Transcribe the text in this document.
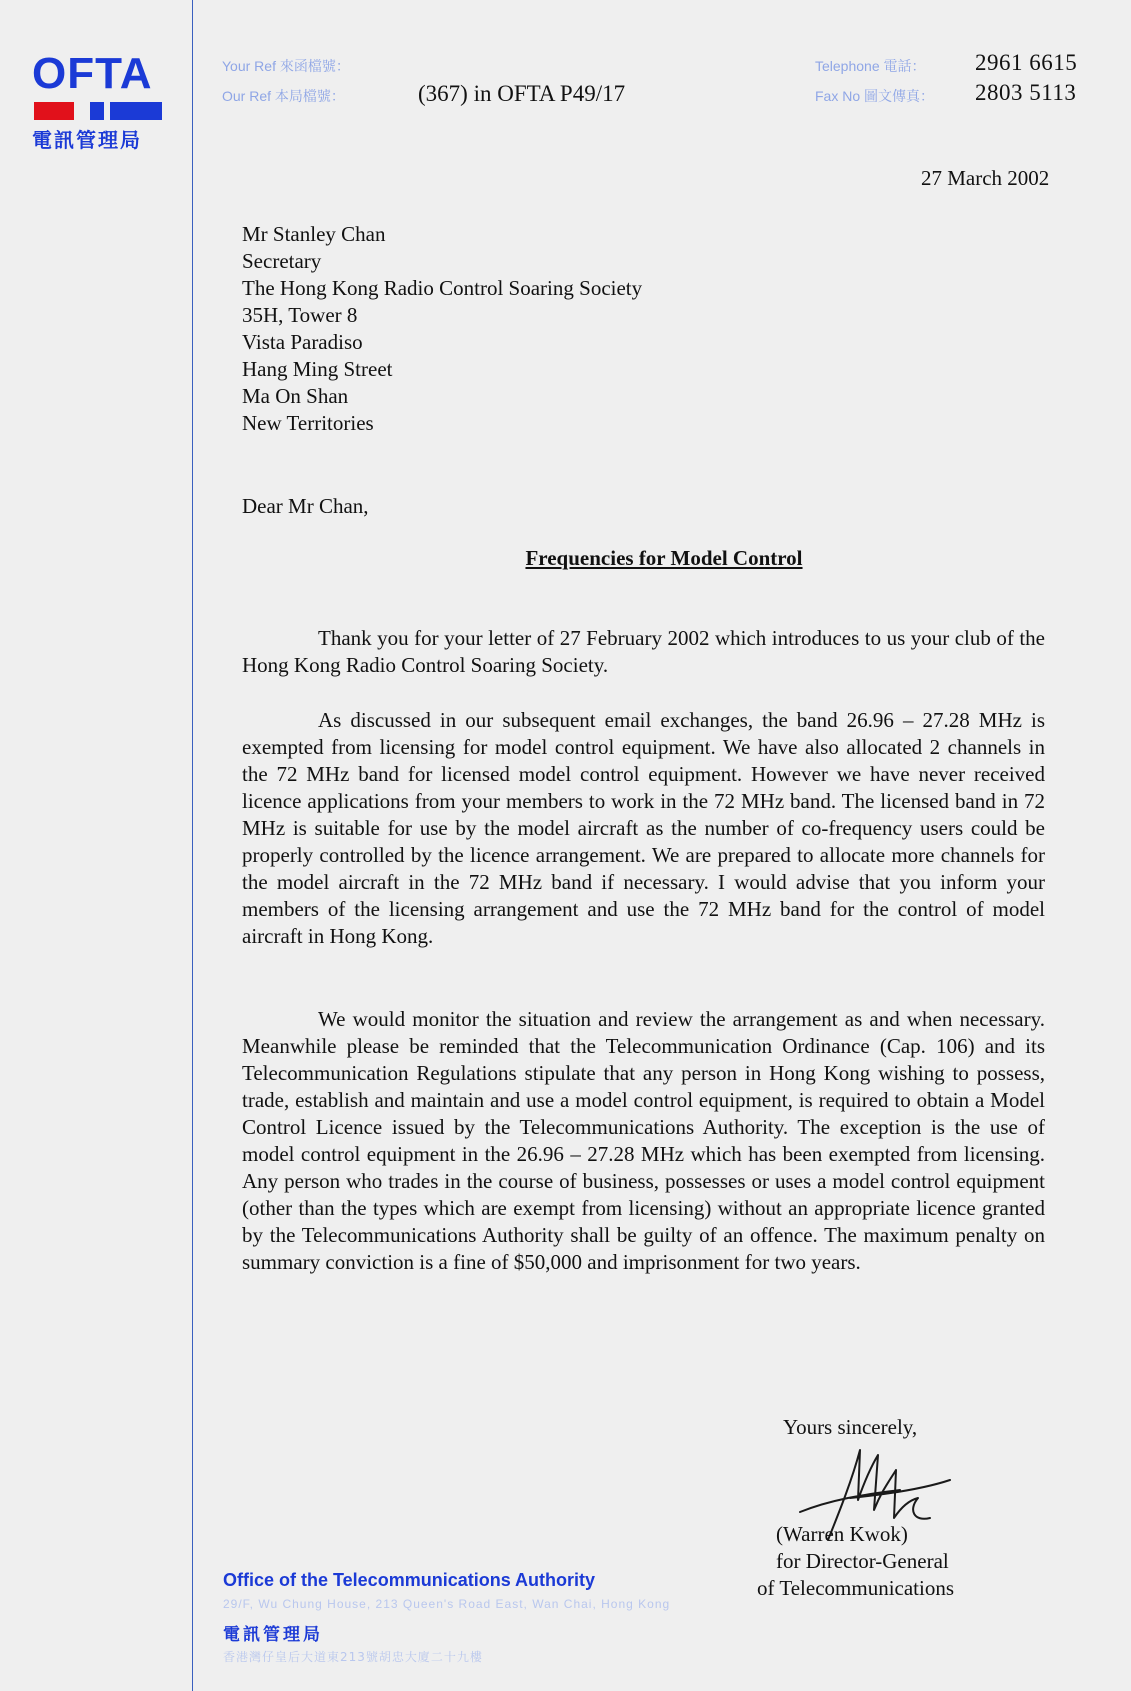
OFTA
電訊管理局
Your Ref 來函檔號：
Our Ref 本局檔號：	(367) in OFTA P49/17
Telephone 電話： 2961 6615
Fax No 圖文傳真： 2803 5113
27 March 2002
Mr Stanley Chan
Secretary
The Hong Kong Radio Control Soaring Society
35H, Tower 8
Vista Paradiso
Hang Ming Street
Ma On Shan
New Territories
Dear Mr Chan,
Frequencies for Model Control
Thank you for your letter of 27 February 2002 which introduces to us your club of the Hong Kong Radio Control Soaring Society.
As discussed in our subsequent email exchanges, the band 26.96 – 27.28 MHz is exempted from licensing for model control equipment. We have also allocated 2 channels in the 72 MHz band for licensed model control equipment. However we have never received licence applications from your members to work in the 72 MHz band. The licensed band in 72 MHz is suitable for use by the model aircraft as the number of co-frequency users could be properly controlled by the licence arrangement. We are prepared to allocate more channels for the model aircraft in the 72 MHz band if necessary. I would advise that you inform your members of the licensing arrangement and use the 72 MHz band for the control of model aircraft in Hong Kong.
We would monitor the situation and review the arrangement as and when necessary. Meanwhile please be reminded that the Telecommunication Ordinance (Cap. 106) and its Telecommunication Regulations stipulate that any person in Hong Kong wishing to possess, trade, establish and maintain and use a model control equipment, is required to obtain a Model Control Licence issued by the Telecommunications Authority. The exception is the use of model control equipment in the 26.96 – 27.28 MHz which has been exempted from licensing. Any person who trades in the course of business, possesses or uses a model control equipment (other than the types which are exempt from licensing) without an appropriate licence granted by the Telecommunications Authority shall be guilty of an offence. The maximum penalty on summary conviction is a fine of $50,000 and imprisonment for two years.
Yours sincerely,
(Warren Kwok)
for Director-General
of Telecommunications
Office of the Telecommunications Authority
29/F, Wu Chung House, 213 Queen's Road East, Wan Chai, Hong Kong
電訊管理局
香港灣仔皇后大道東213號胡忠大廈二十九樓
